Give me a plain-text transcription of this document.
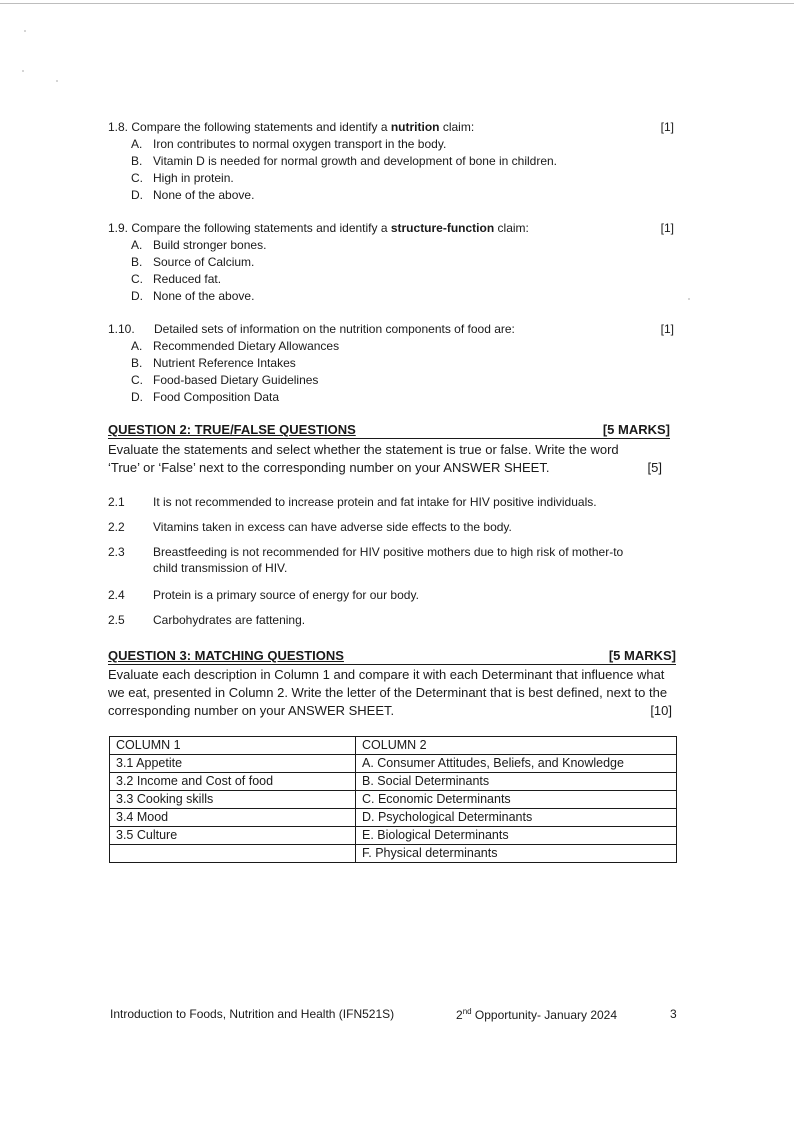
1.8. Compare the following statements and identify a nutrition claim:	[1]
A. Iron contributes to normal oxygen transport in the body.
B. Vitamin D is needed for normal growth and development of bone in children.
C. High in protein.
D. None of the above.
1.9. Compare the following statements and identify a structure-function claim:	[1]
A. Build stronger bones.
B. Source of Calcium.
C. Reduced fat.
D. None of the above.
1.10. Detailed sets of information on the nutrition components of food are:	[1]
A. Recommended Dietary Allowances
B. Nutrient Reference Intakes
C. Food-based Dietary Guidelines
D. Food Composition Data
QUESTION 2: TRUE/FALSE QUESTIONS	[5 MARKS]
Evaluate the statements and select whether the statement is true or false. Write the word
‘True’ or ‘False’ next to the corresponding number on your ANSWER SHEET.	[5]
2.1 It is not recommended to increase protein and fat intake for HIV positive individuals.
2.2 Vitamins taken in excess can have adverse side effects to the body.
2.3 Breastfeeding is not recommended for HIV positive mothers due to high risk of mother-to
child transmission of HIV.
2.4 Protein is a primary source of energy for our body.
2.5 Carbohydrates are fattening.
QUESTION 3: MATCHING QUESTIONS	[5 MARKS]
Evaluate each description in Column 1 and compare it with each Determinant that influence what
we eat, presented in Column 2. Write the letter of the Determinant that is best defined, next to the
corresponding number on your ANSWER SHEET.	[10]
COLUMN 1	COLUMN 2
3.1 Appetite	A. Consumer Attitudes, Beliefs, and Knowledge
3.2 Income and Cost of food	B. Social Determinants
3.3 Cooking skills	C. Economic Determinants
3.4 Mood	D. Psychological Determinants
3.5 Culture	E. Biological Determinants
	F. Physical determinants
Introduction to Foods, Nutrition and Health (IFN521S)	2nd Opportunity- January 2024	3
